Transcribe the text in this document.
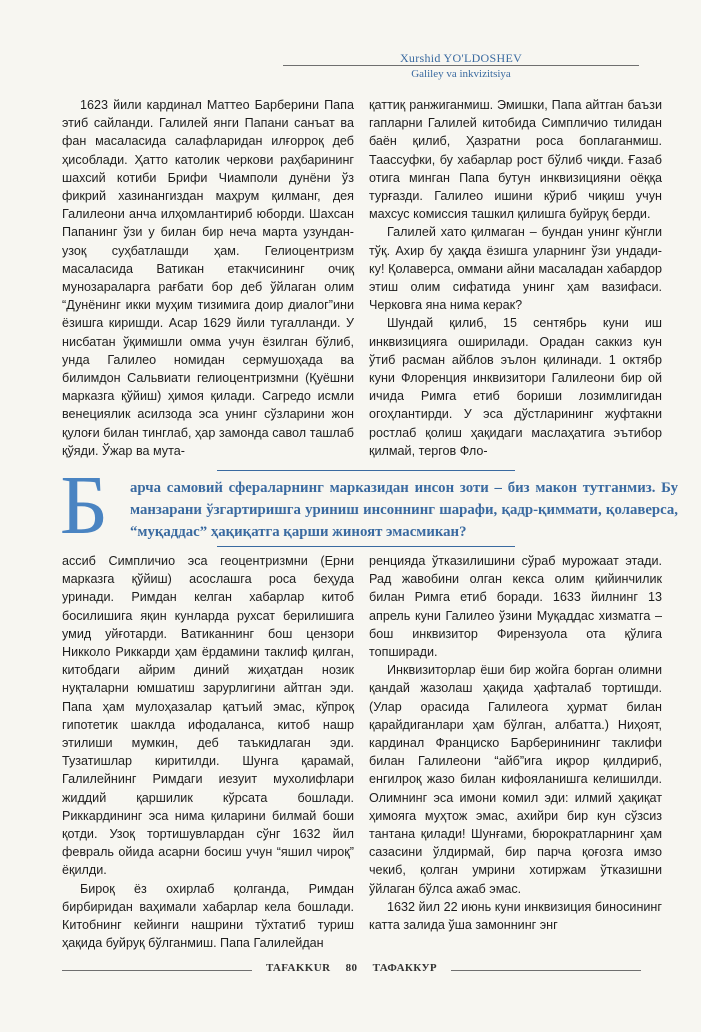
Xurshid YO'LDOSHEV
Galiley va inkvizitsiya

1623 йили кардинал Маттео Барберини Папа этиб сайланди. Галилей янги Папани санъат ва фан масаласида салафларидан илғорроқ деб ҳисоблади. Ҳатто католик черкови раҳбарининг шахсий котиби Брифи Чиамполи дунёни ўз фикрий хазинангиздан маҳрум қилманг, дея Галилеони анча илҳомлантириб юборди. Шахсан Папанинг ўзи у билан бир неча марта узундан-узоқ суҳбатлашди ҳам. Гелиоцентризм масаласида Ватикан етакчисининг очиқ мунозараларга рағбати бор деб ўйлаган олим “Дунёнинг икки муҳим тизимига доир диалог”ини ёзишга киришди. Асар 1629 йили тугалланди. У нисбатан ўқимишли омма учун ёзилган бўлиб, унда Галилео номидан сермушоҳада ва билимдон Сальвиати гелиоцентризмни (Қуёшни марказга қўйиш) ҳимоя қилади. Сагредо исмли венециялик асилзода эса унинг сўзларини жон қулоғи билан тинглаб, ҳар замонда савол ташлаб қўяди. Ўжар ва мута-

қаттиқ ранжиганмиш. Эмишки, Папа айтган баъзи гапларни Галилей китобида Симпличио тилидан баён қилиб, Ҳазратни роса боплаганмиш. Таассуфки, бу хабарлар рост бўлиб чиқди. Ғазаб отига минган Папа бутун инквизицияни оёққа турғазди. Галилео ишини кўриб чиқиш учун махсус комиссия ташкил қилишга буйруқ берди.

Галилей хато қилмаган – бундан унинг кўнгли тўқ. Ахир бу ҳақда ёзишга уларнинг ўзи ундади-ку! Қолаверса, оммани айни масаладан хабардор этиш олим сифатида унинг ҳам вазифаси. Черковга яна нима керак?

Шундай қилиб, 15 сентябрь куни иш инквизицияга оширилади. Орадан саккиз кун ўтиб расман айблов эълон қилинади. 1 октябр куни Флоренция инквизитори Галилеони бир ой ичида Римга етиб бориши лозимлигидан огоҳлантирди. У эса дўстларининг жуфтакни ростлаб қолиш ҳақидаги маслаҳатига эътибор қилмай, тергов Фло-

Б	арча самовий сфераларнинг марказидан инсон зоти – биз макон тутганмиз. Бу манзарани ўзгартиришга уриниш инсоннинг шарафи, қадр-қиммати, қолаверса, “муқаддас” ҳақиқатга қарши жиноят эмасмикан?

ассиб Симпличио эса геоцентризмни (Ерни марказга қўйиш) асослашга роса беҳуда уринади. Римдан келган хабарлар китоб босилишига яқин кунларда рухсат берилишига умид уйғотарди. Ватиканнинг бош цензори Никколо Риккарди ҳам ёрдамини таклиф қилган, китобдаги айрим диний жиҳатдан нозик нуқталарни юмшатиш зарурлигини айтган эди. Папа ҳам мулоҳазалар қатъий эмас, кўпроқ гипотетик шаклда ифодаланса, китоб нашр этилиши мумкин, деб таъкидлаган эди. Тузатишлар киритилди. Шунга қарамай, Галилейнинг Римдаги иезуит мухолифлари жиддий қаршилик кўрсата бошлади. Риккардининг эса нима қиларини билмай боши қотди. Узоқ тортишувлардан сўнг 1632 йил февраль ойида асарни босиш учун “яшил чироқ” ёқилди.

Бироқ ёз охирлаб қолганда, Римдан бирбиридан ваҳимали хабарлар кела бошлади. Китобнинг кейинги нашрини тўхтатиб туриш ҳақида буйруқ бўлганмиш. Папа Галилейдан

ренцияда ўтказилишини сўраб мурожаат этади. Рад жавобини олган кекса олим қийинчилик билан Римга етиб боради. 1633 йилнинг 13 апрель куни Галилео ўзини Муқаддас хизматга – бош инквизитор Фирензуола ота қўлига топширади.

Инквизиторлар ёши бир жойга борган олимни қандай жазолаш ҳақида ҳафталаб тортишди. (Улар орасида Галилеога ҳурмат билан қарайдиганлари ҳам бўлган, албатта.) Ниҳоят, кардинал Франциско Барберинининг таклифи билан Галилеони “айб”ига иқрор қилдириб, енгилроқ жазо билан кифояланишга келишилди. Олимнинг эса имони комил эди: илмий ҳақиқат ҳимояга муҳтож эмас, ахийри бир кун сўзсиз тантана қилади! Шунғами, бюрократларнинг ҳам сазасини ўлдирмай, бир парча қоғозга имзо чекиб, қолган умрини хотиржам ўтказишни ўйлаган бўлса ажаб эмас.

1632 йил 22 июнь куни инквизиция биносининг катта залида ўша замоннинг энг

TAFAKKUR 80 ТАФАККУР
